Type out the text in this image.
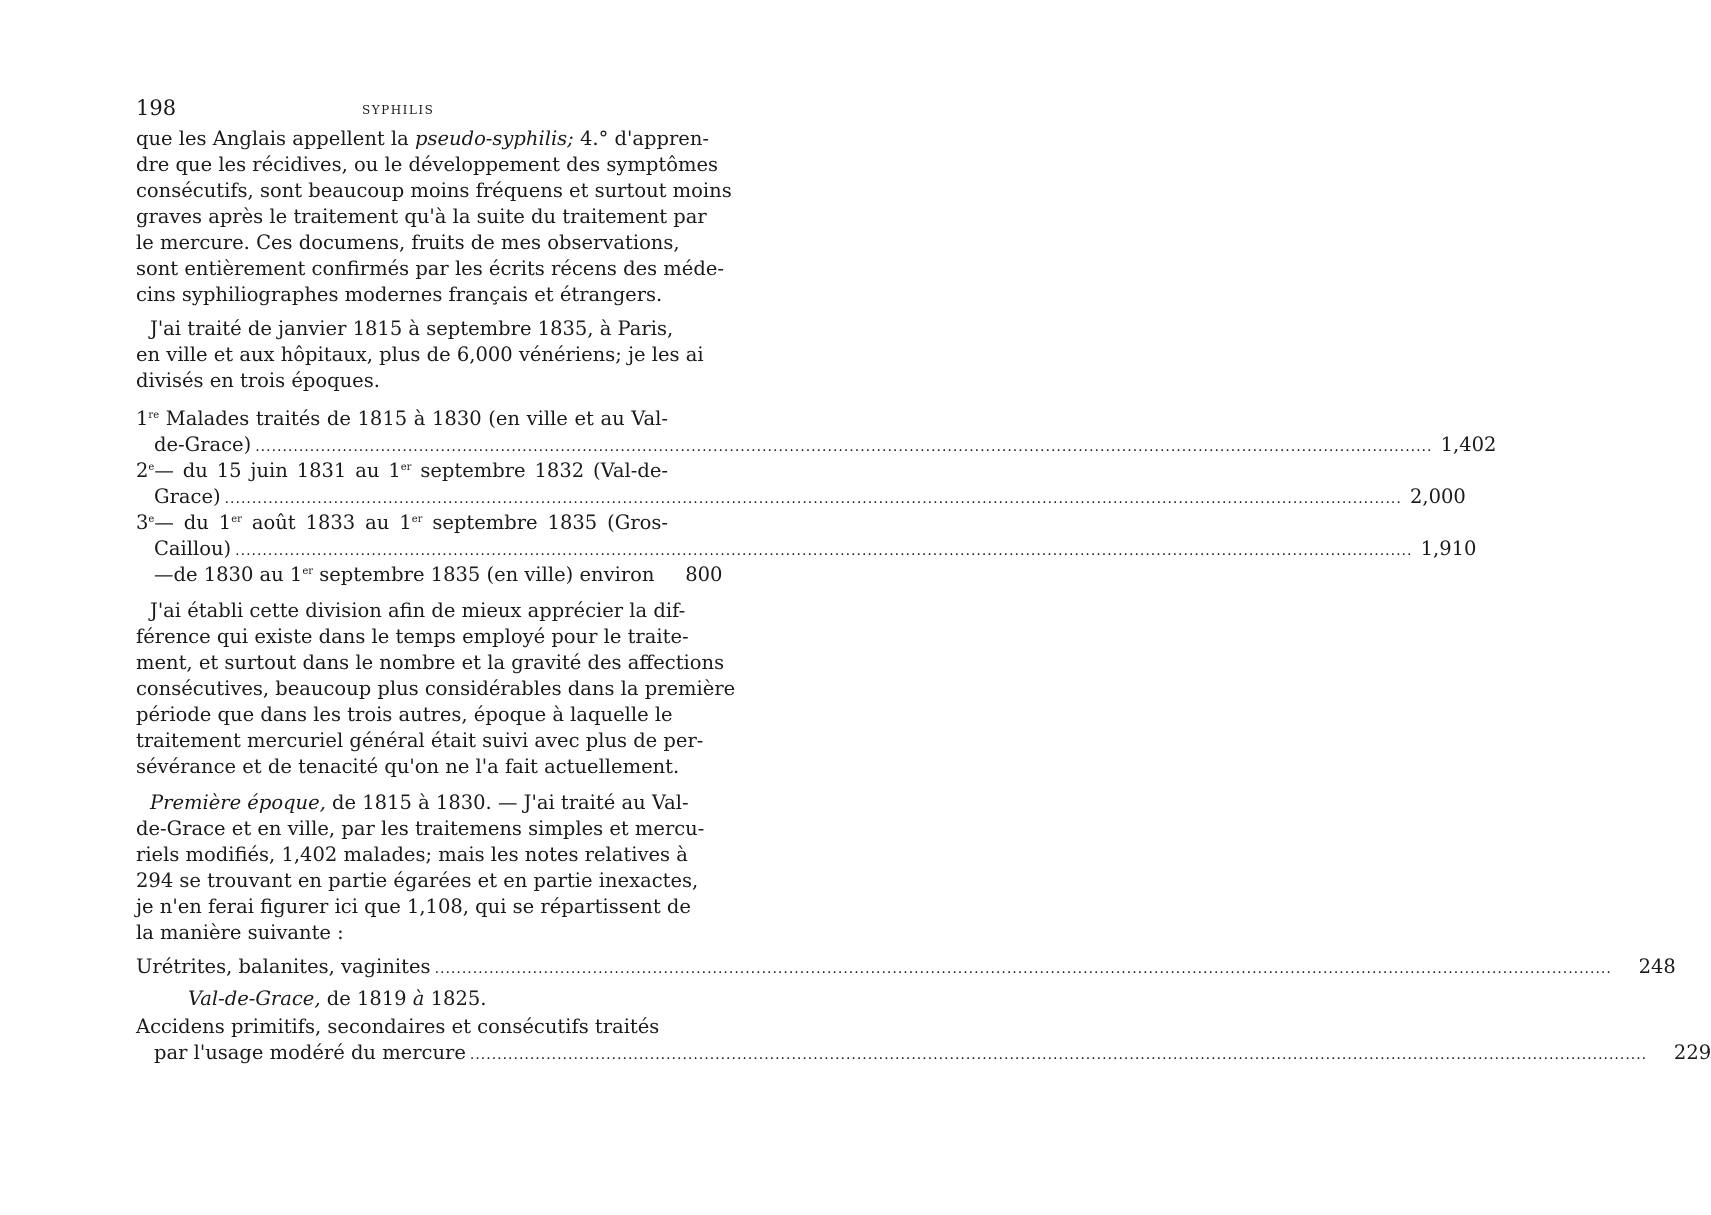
198	SYPHILIS
que les Anglais appellent la pseudo-syphilis; 4.° d'appren-
dre que les récidives, ou le développement des symptômes
consécutifs, sont beaucoup moins fréquens et surtout moins
graves après le traitement qu'à la suite du traitement par
le mercure. Ces documens, fruits de mes observations,
sont entièrement confirmés par les écrits récens des méde-
cins syphiliographes modernes français et étrangers.
J'ai traité de janvier 1815 à septembre 1835, à Paris,
en ville et aux hôpitaux, plus de 6,000 vénériens; je les ai
divisés en trois époques.
1re Malades traités de 1815 à 1830 (en ville et au Val-
de-Grace) .....	1,402
2e— du 15 juin 1831 au 1er septembre 1832 (Val-de-
Grace) .....	2,000
3e— du 1er août 1833 au 1er septembre 1835 (Gros-
Caillou) .....	1,910
—de 1830 au 1er septembre 1835 (en ville) environ	800
J'ai établi cette division afin de mieux apprécier la dif-
férence qui existe dans le temps employé pour le traite-
ment, et surtout dans le nombre et la gravité des affections
consécutives, beaucoup plus considérables dans la première
période que dans les trois autres, époque à laquelle le
traitement mercuriel général était suivi avec plus de per-
sévérance et de tenacité qu'on ne l'a fait actuellement.
Première époque, de 1815 à 1830. — J'ai traité au Val-
de-Grace et en ville, par les traitemens simples et mercu-
riels modifiés, 1,402 malades; mais les notes relatives à
294 se trouvant en partie égarées et en partie inexactes,
je n'en ferai figurer ici que 1,108, qui se répartissent de
la manière suivante :
Urétrites, balanites, vaginites .....	248
Val-de-Grace, de 1819 à 1825.
Accidens primitifs, secondaires et consécutifs traités
par l'usage modéré du mercure .....	229
